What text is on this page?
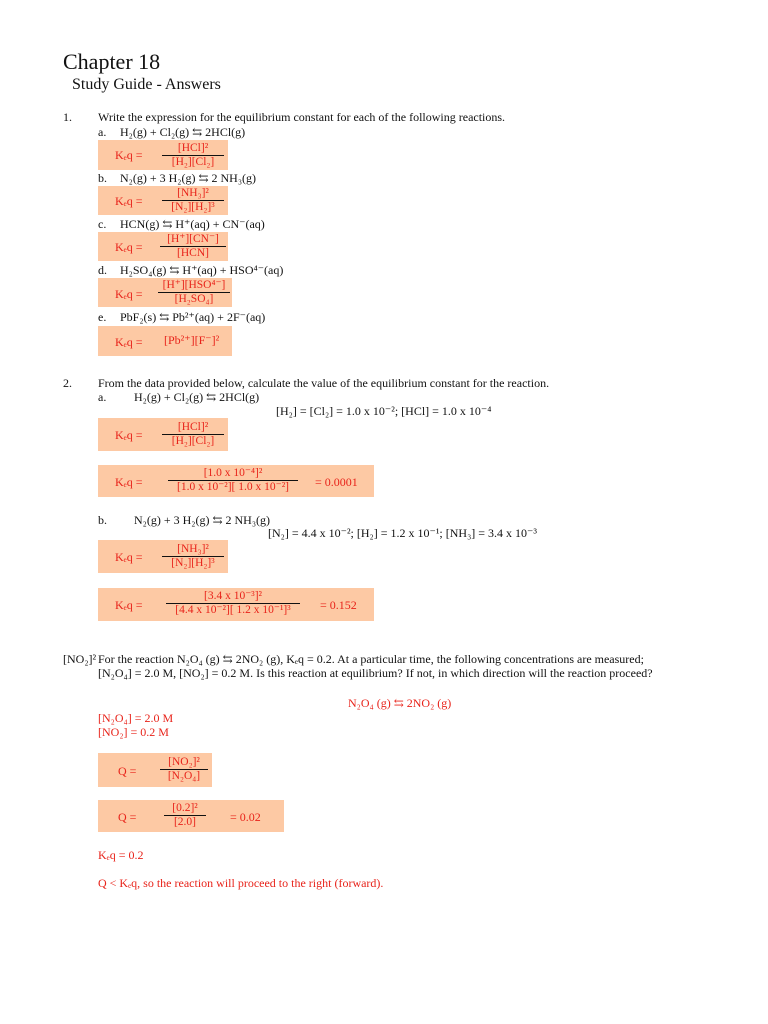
Chapter 18
Study Guide - Answers
1. Write the expression for the equilibrium constant for each of the following reactions.
a. H₂(g) + Cl₂(g) ⇆ 2HCl(g)
Kₑq =	[HCl]²
[H₂][Cl₂]
b. N₂(g) + 3 H₂(g) ⇆ 2 NH₃(g)
Kₑq =
[NH₃]²
[N₂][H₂]³
c. HCN(g) ⇆ H⁺(aq) + CN⁻(aq)
Kₑq =
[H⁺][CN⁻]
[HCN]
d. H₂SO₄(g) ⇆ H⁺(aq) + HSO⁴⁻(aq)
Kₑq =
[H⁺][HSO⁴⁻]
[H₂SO₄]
e. PbF₂(s) ⇆ Pb²⁺(aq) + 2F⁻(aq)
Kₑq = [Pb²⁺][F⁻]²
2. From the data provided below, calculate the value of the equilibrium constant for the reaction.
a. H₂(g) + Cl₂(g) ⇆ 2HCl(g)
[H₂] = [Cl₂] = 1.0 x 10⁻²; [HCl] = 1.0 x 10⁻⁴
Kₑq =
[HCl]²
[H₂][Cl₂]
Kₑq =
[1.0 x 10⁻⁴]²
[1.0 x 10⁻²][ 1.0 x 10⁻²]	= 0.0001
b. N₂(g) + 3 H₂(g) ⇆ 2 NH₃(g)
[N₂] = 4.4 x 10⁻²; [H₂] = 1.2 x 10⁻¹; [NH₃] = 3.4 x 10⁻³
Kₑq =
[NH₃]²
[N₂][H₂]³
Kₑq =
[3.4 x 10⁻³]²
[4.4 x 10⁻²][ 1.2 x 10⁻¹]³	= 0.152
[NO₂]² For the reaction N₂O₄ (g) ⇆ 2NO₂ (g), Kₑq = 0.2. At a particular time, the following concentrations are measured;
[N₂O₄] = 2.0 M, [NO₂] = 0.2 M. Is this reaction at equilibrium? If not, in which direction will the reaction proceed?
N₂O₄ (g) ⇆ 2NO₂ (g)
[N₂O₄] = 2.0 M
[NO₂] = 0.2 M
Q =
[NO₂]²
[N₂O₄]
Q =
[0.2]²
[2.0]	= 0.02
Kₑq = 0.2
Q < Kₑq, so the reaction will proceed to the right (forward).
